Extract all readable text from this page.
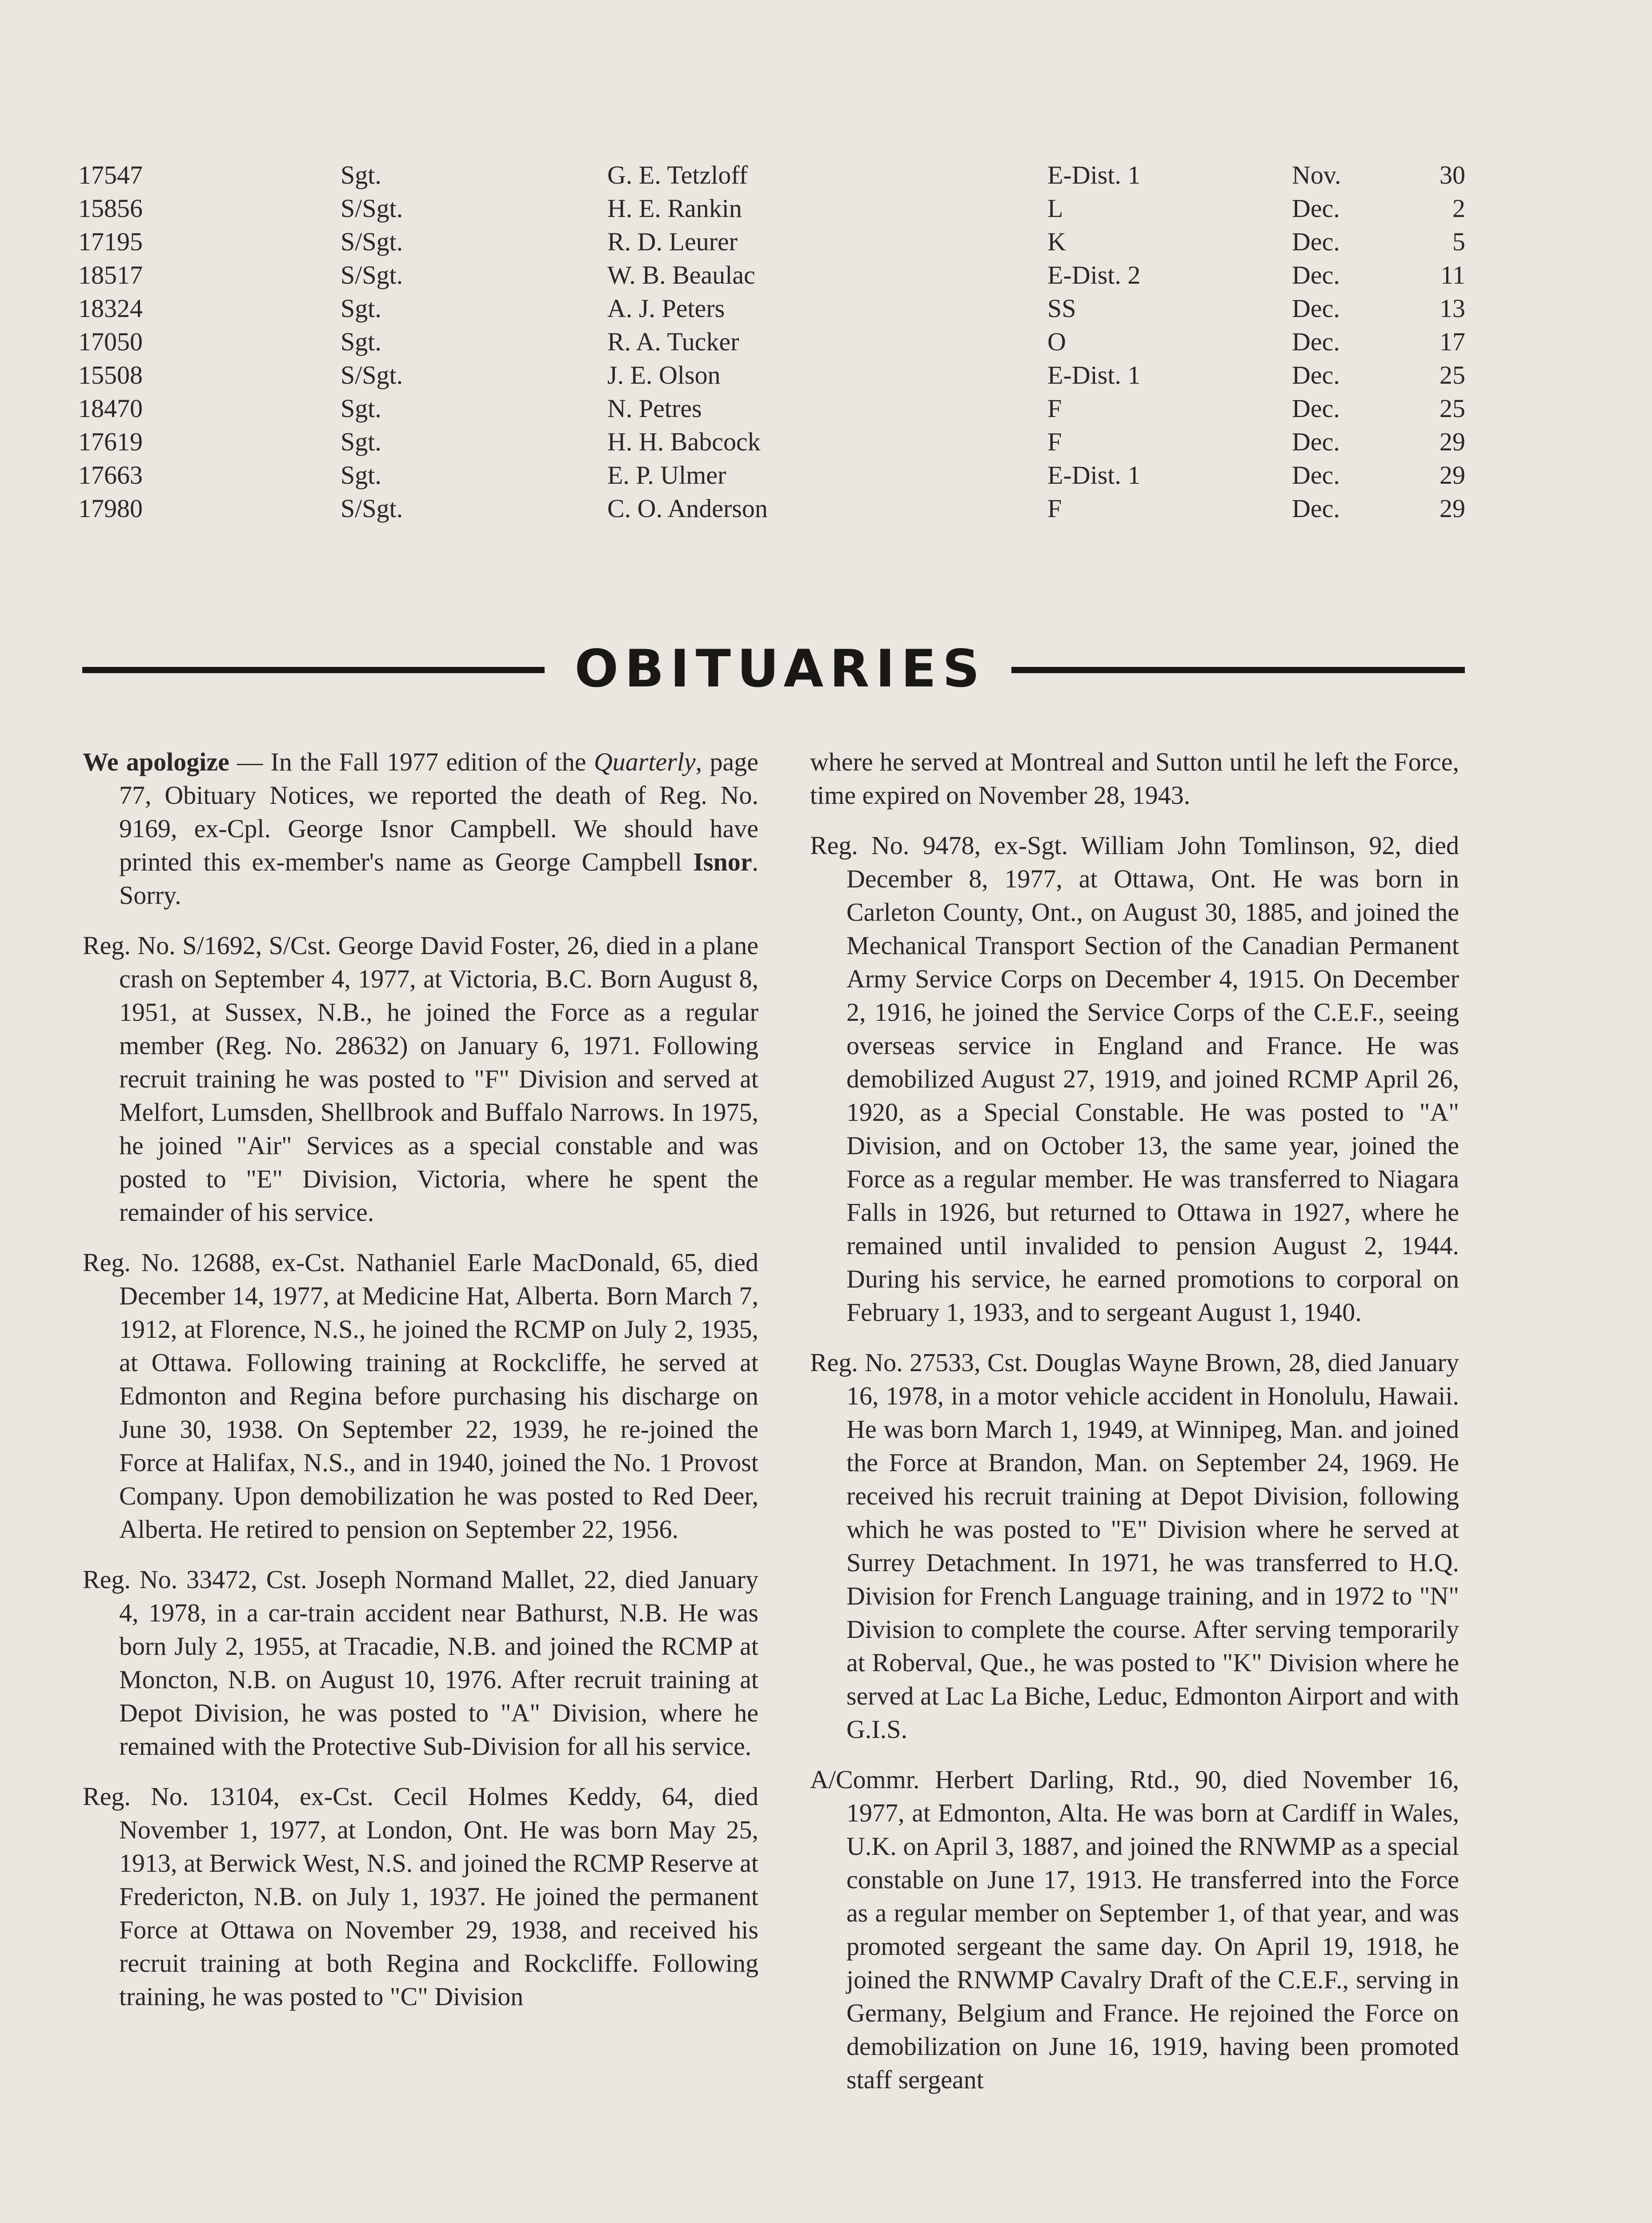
17547	Sgt.	G. E. Tetzloff	E-Dist. 1	Nov.	30
15856	S/Sgt.	H. E. Rankin	L	Dec.	2
17195	S/Sgt.	R. D. Leurer	K	Dec.	5
18517	S/Sgt.	W. B. Beaulac	E-Dist. 2	Dec.	11
18324	Sgt.	A. J. Peters	SS	Dec.	13
17050	Sgt.	R. A. Tucker	O	Dec.	17
15508	S/Sgt.	J. E. Olson	E-Dist. 1	Dec.	25
18470	Sgt.	N. Petres	F	Dec.	25
17619	Sgt.	H. H. Babcock	F	Dec.	29
17663	Sgt.	E. P. Ulmer	E-Dist. 1	Dec.	29
17980	S/Sgt.	C. O. Anderson	F	Dec.	29
OBITUARIES

We apologize — In the Fall 1977 edition of the Quarterly, page 77, Obituary Notices, we reported the death of Reg. No. 9169, ex-Cpl. George Isnor Campbell. We should have printed this ex-member's name as George Campbell Isnor. Sorry.

Reg. No. S/1692, S/Cst. George David Foster, 26, died in a plane crash on September 4, 1977, at Victoria, B.C. Born August 8, 1951, at Sussex, N.B., he joined the Force as a regular member (Reg. No. 28632) on January 6, 1971. Following recruit training he was posted to "F" Division and served at Melfort, Lumsden, Shellbrook and Buffalo Narrows. In 1975, he joined "Air" Services as a special constable and was posted to "E" Division, Victoria, where he spent the remainder of his service.

Reg. No. 12688, ex-Cst. Nathaniel Earle MacDonald, 65, died December 14, 1977, at Medicine Hat, Alberta. Born March 7, 1912, at Florence, N.S., he joined the RCMP on July 2, 1935, at Ottawa. Following training at Rockcliffe, he served at Edmonton and Regina before purchasing his discharge on June 30, 1938. On September 22, 1939, he re-joined the Force at Halifax, N.S., and in 1940, joined the No. 1 Provost Company. Upon demobilization he was posted to Red Deer, Alberta. He retired to pension on September 22, 1956.

Reg. No. 33472, Cst. Joseph Normand Mallet, 22, died January 4, 1978, in a car-train accident near Bathurst, N.B. He was born July 2, 1955, at Tracadie, N.B. and joined the RCMP at Moncton, N.B. on August 10, 1976. After recruit training at Depot Division, he was posted to "A" Division, where he remained with the Protective Sub-Division for all his service.

Reg. No. 13104, ex-Cst. Cecil Holmes Keddy, 64, died November 1, 1977, at London, Ont. He was born May 25, 1913, at Berwick West, N.S. and joined the RCMP Reserve at Fredericton, N.B. on July 1, 1937. He joined the permanent Force at Ottawa on November 29, 1938, and received his recruit training at both Regina and Rockcliffe. Following training, he was posted to "C" Division

where he served at Montreal and Sutton until he left the Force, time expired on November 28, 1943.

Reg. No. 9478, ex-Sgt. William John Tomlinson, 92, died December 8, 1977, at Ottawa, Ont. He was born in Carleton County, Ont., on August 30, 1885, and joined the Mechanical Transport Section of the Canadian Permanent Army Service Corps on December 4, 1915. On December 2, 1916, he joined the Service Corps of the C.E.F., seeing overseas service in England and France. He was demobilized August 27, 1919, and joined RCMP April 26, 1920, as a Special Constable. He was posted to "A" Division, and on October 13, the same year, joined the Force as a regular member. He was transferred to Niagara Falls in 1926, but returned to Ottawa in 1927, where he remained until invalided to pension August 2, 1944. During his service, he earned promotions to corporal on February 1, 1933, and to sergeant August 1, 1940.

Reg. No. 27533, Cst. Douglas Wayne Brown, 28, died January 16, 1978, in a motor vehicle accident in Honolulu, Hawaii. He was born March 1, 1949, at Winnipeg, Man. and joined the Force at Brandon, Man. on September 24, 1969. He received his recruit training at Depot Division, following which he was posted to "E" Division where he served at Surrey Detachment. In 1971, he was transferred to H.Q. Division for French Language training, and in 1972 to "N" Division to complete the course. After serving temporarily at Roberval, Que., he was posted to "K" Division where he served at Lac La Biche, Leduc, Edmonton Airport and with G.I.S.

A/Commr. Herbert Darling, Rtd., 90, died November 16, 1977, at Edmonton, Alta. He was born at Cardiff in Wales, U.K. on April 3, 1887, and joined the RNWMP as a special constable on June 17, 1913. He transferred into the Force as a regular member on September 1, of that year, and was promoted sergeant the same day. On April 19, 1918, he joined the RNWMP Cavalry Draft of the C.E.F., serving in Germany, Belgium and France. He rejoined the Force on demobilization on June 16, 1919, having been promoted staff sergeant
